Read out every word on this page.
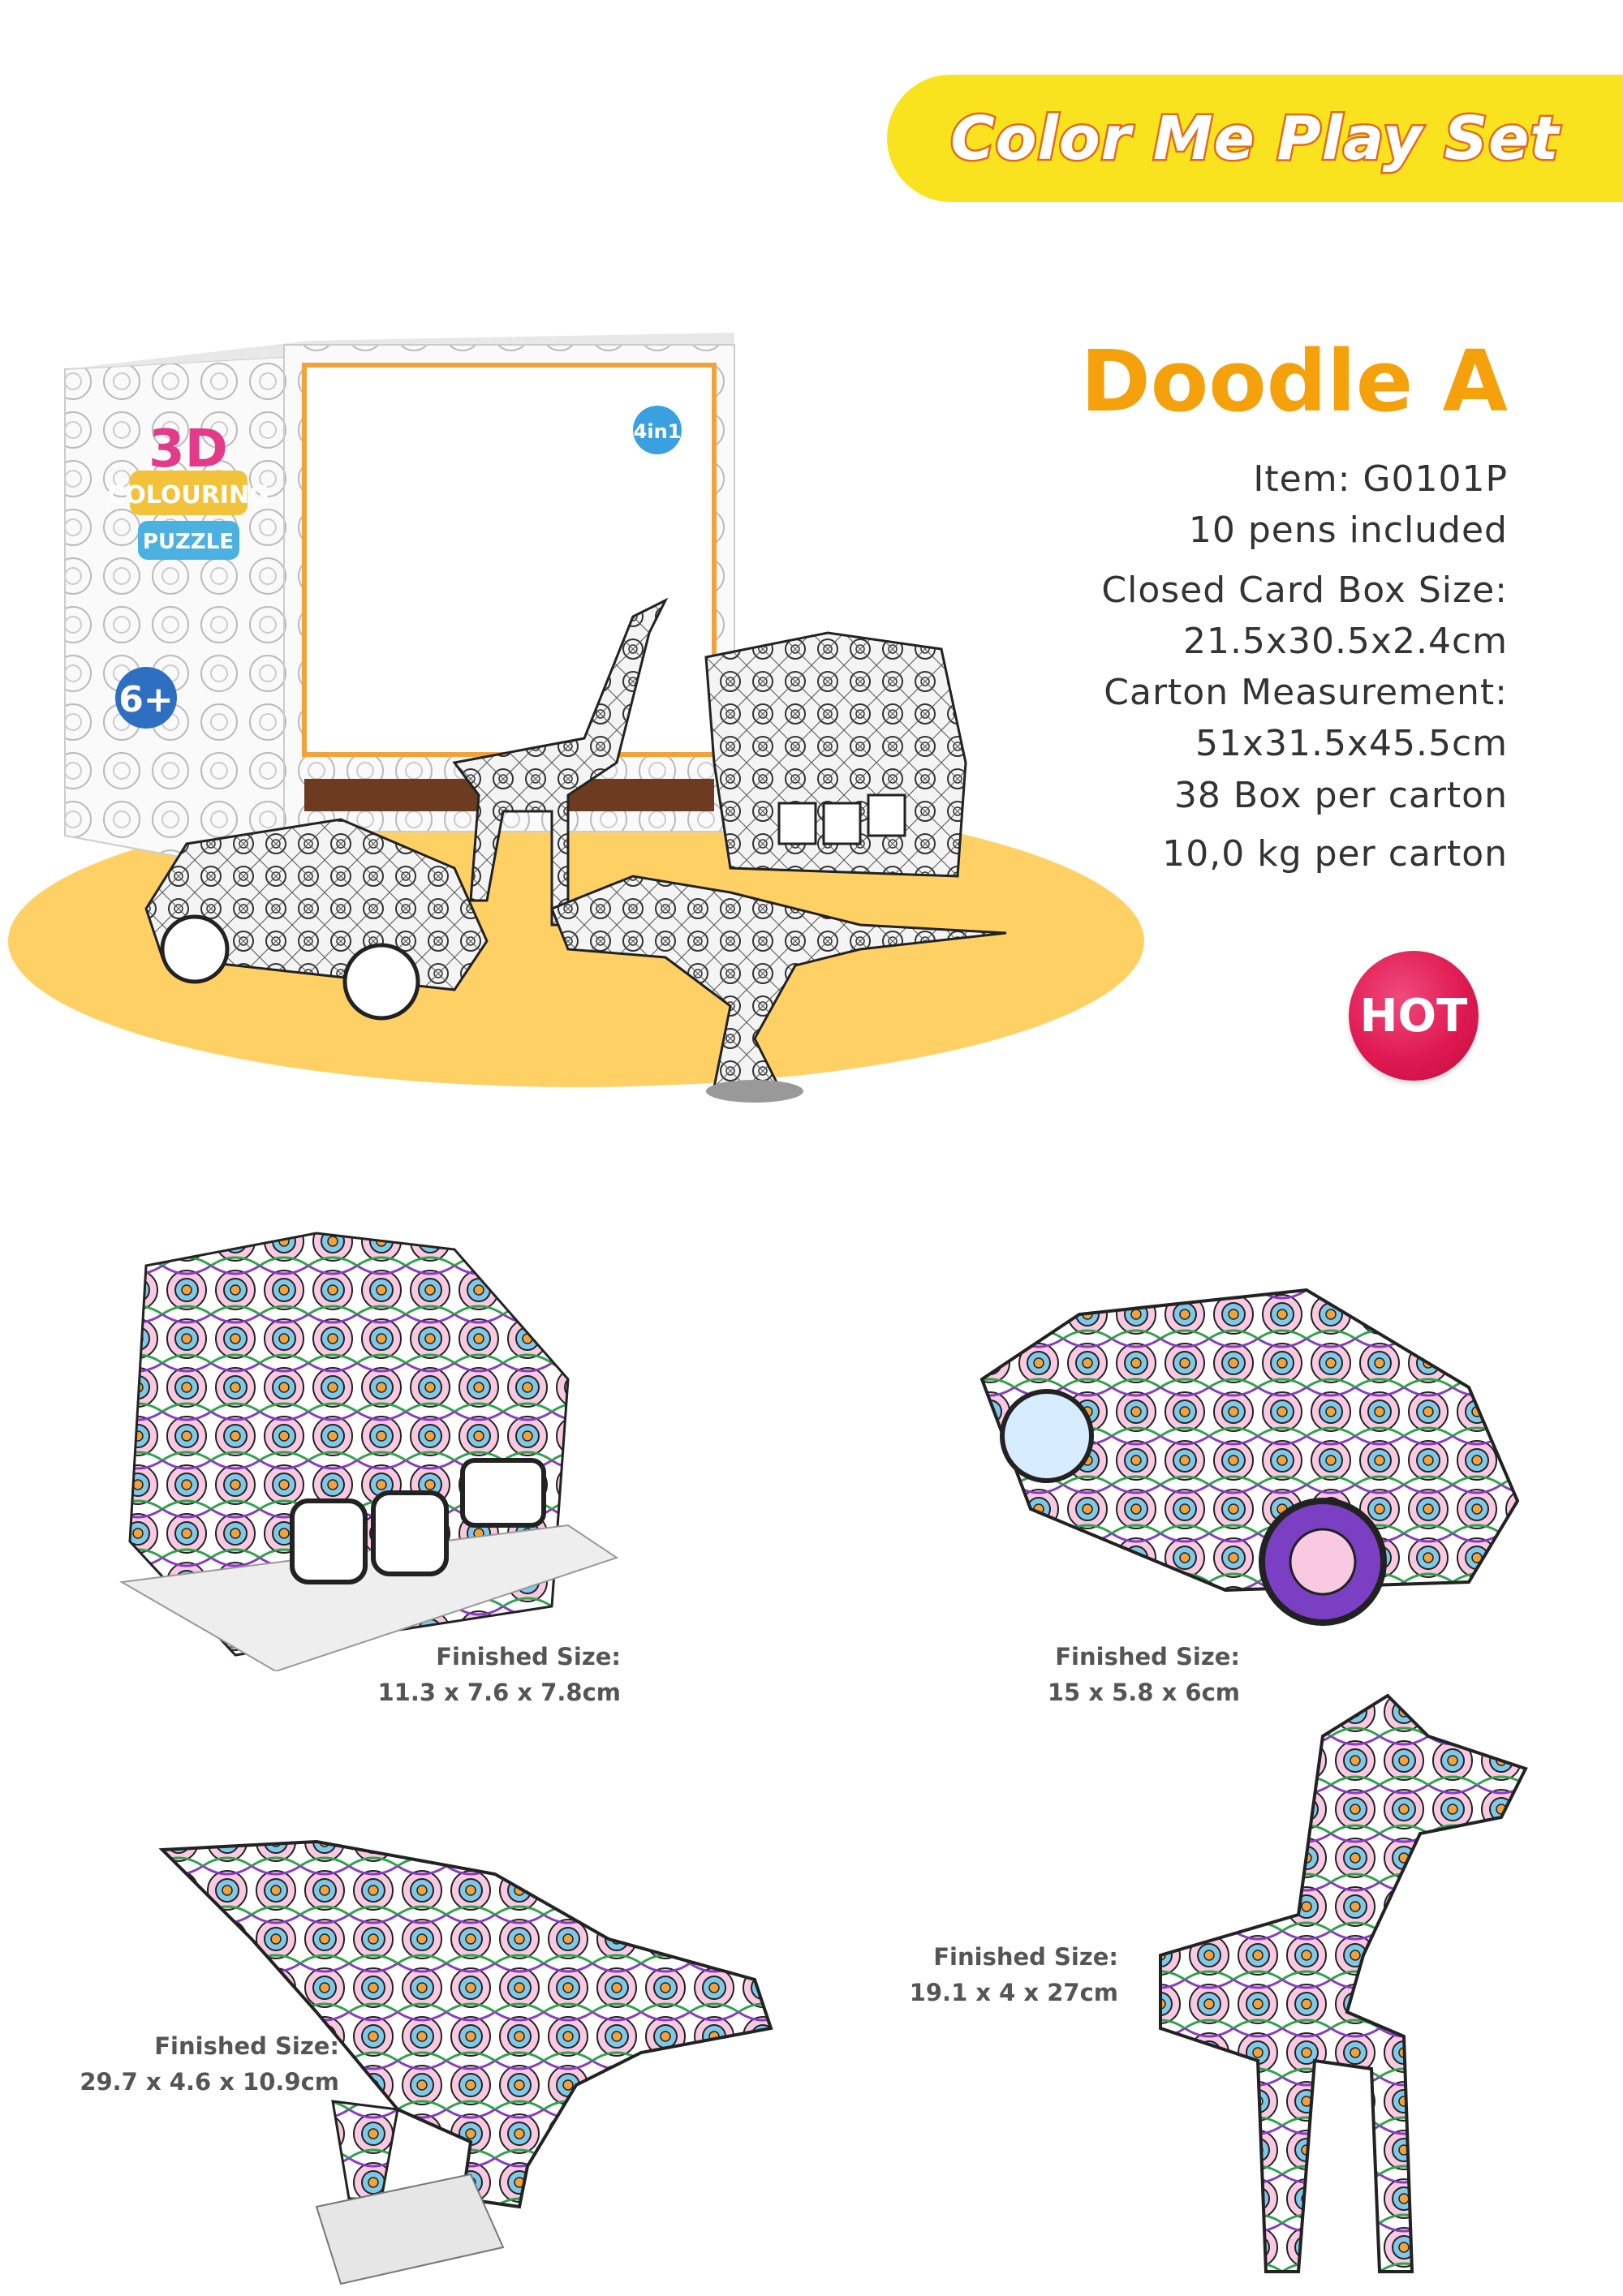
Color Me Play Set
COLOURING
3D
PUZZLE
6+
4in1
Doodle A
Item: G0101P
10 pens included
Closed Card Box Size:
21.5x30.5x2.4cm
Carton Measurement:
51x31.5x45.5cm
38 Box per carton
10,0 kg per carton
HOT
Finished Size:
11.3 x 7.6 x 7.8cm
Finished Size:
15 x 5.8 x 6cm
Finished Size:
29.7 x 4.6 x 10.9cm
Finished Size:
19.1 x 4 x 27cm
